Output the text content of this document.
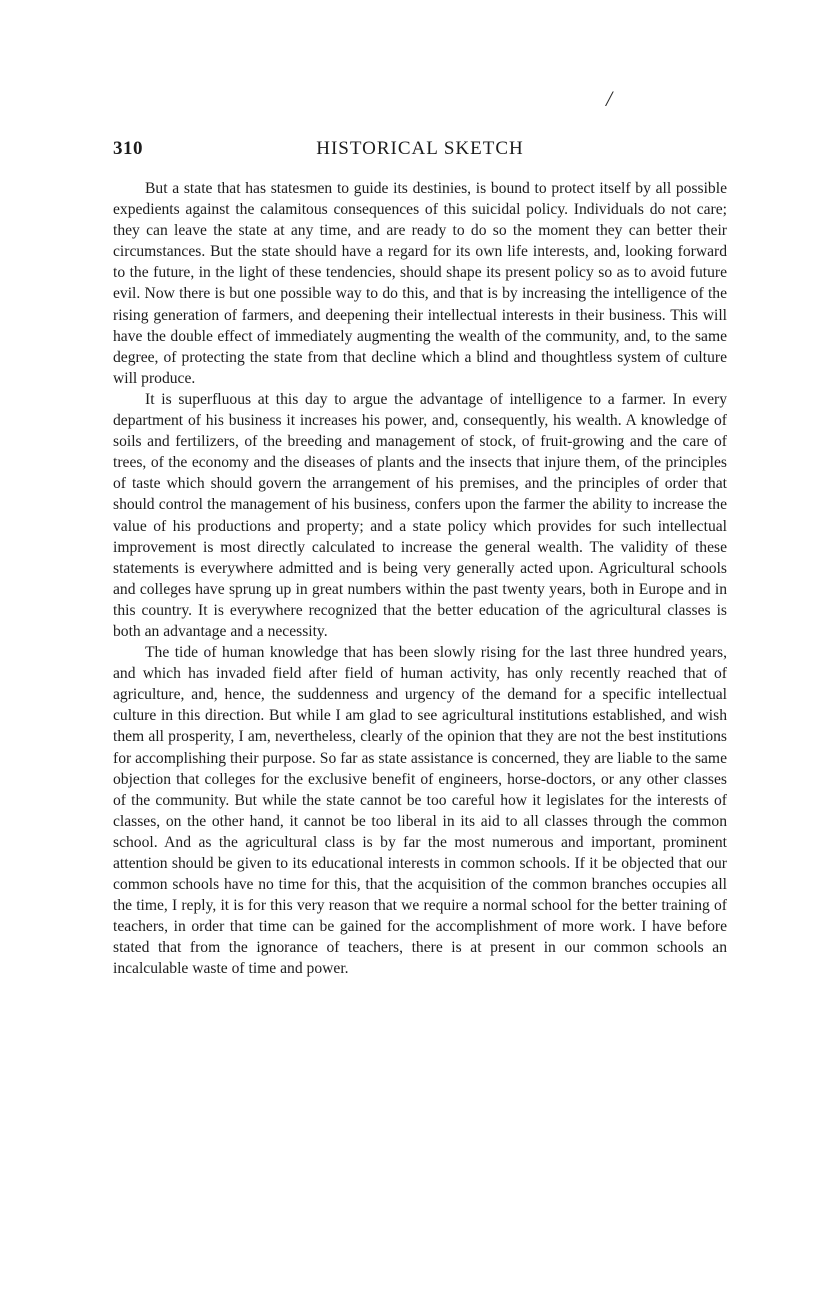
/
310	HISTORICAL SKETCH

But a state that has statesmen to guide its destinies, is bound to protect itself by all possible expedients against the calamitous consequences of this suicidal policy. Individuals do not care; they can leave the state at any time, and are ready to do so the moment they can better their circumstances. But the state should have a regard for its own life interests, and, looking forward to the future, in the light of these tendencies, should shape its present policy so as to avoid future evil. Now there is but one possible way to do this, and that is by increasing the intelligence of the rising generation of farmers, and deepening their intellectual interests in their business. This will have the double effect of immediately augmenting the wealth of the community, and, to the same degree, of protecting the state from that decline which a blind and thoughtless system of culture will produce.

It is superfluous at this day to argue the advantage of intelligence to a farmer. In every department of his business it increases his power, and, consequently, his wealth. A knowledge of soils and fertilizers, of the breeding and management of stock, of fruit-growing and the care of trees, of the economy and the diseases of plants and the insects that injure them, of the principles of taste which should govern the arrangement of his premises, and the principles of order that should control the management of his business, confers upon the farmer the ability to increase the value of his productions and property; and a state policy which provides for such intellectual improvement is most directly calculated to increase the general wealth. The validity of these statements is everywhere admitted and is being very generally acted upon. Agricultural schools and colleges have sprung up in great numbers within the past twenty years, both in Europe and in this country. It is everywhere recognized that the better education of the agricultural classes is both an advantage and a necessity.

The tide of human knowledge that has been slowly rising for the last three hundred years, and which has invaded field after field of human activity, has only recently reached that of agriculture, and, hence, the suddenness and urgency of the demand for a specific intellectual culture in this direction. But while I am glad to see agricultural institutions established, and wish them all prosperity, I am, nevertheless, clearly of the opinion that they are not the best institutions for accomplishing their purpose. So far as state assistance is concerned, they are liable to the same objection that colleges for the exclusive benefit of engineers, horse-doctors, or any other classes of the community. But while the state cannot be too careful how it legislates for the interests of classes, on the other hand, it cannot be too liberal in its aid to all classes through the common school. And as the agricultural class is by far the most numerous and important, prominent attention should be given to its educational interests in common schools. If it be objected that our common schools have no time for this, that the acquisition of the common branches occupies all the time, I reply, it is for this very reason that we require a normal school for the better training of teachers, in order that time can be gained for the accomplishment of more work. I have before stated that from the ignorance of teachers, there is at present in our common schools an incalculable waste of time and power.
